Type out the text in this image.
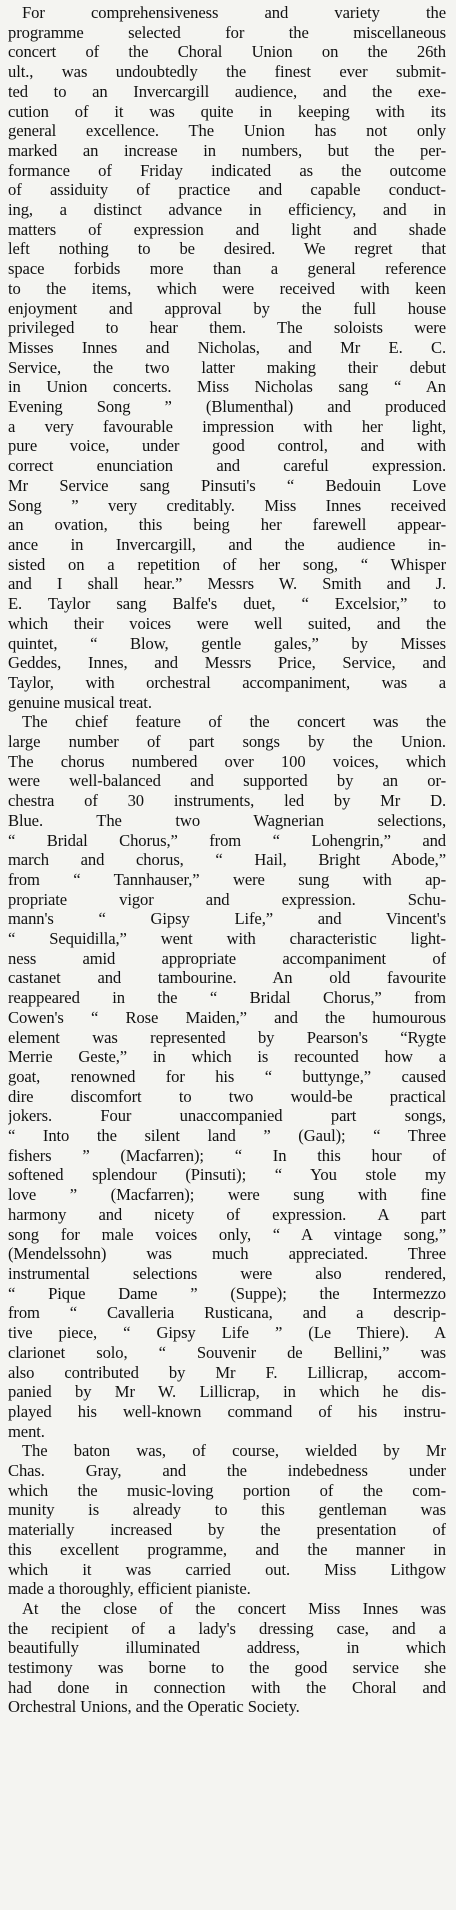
For comprehensiveness and variety the
programme selected for the miscellaneous
concert of the Choral Union on the 26th
ult., was undoubtedly the finest ever submit-
ted to an Invercargill audience, and the exe-
cution of it was quite in keeping with its
general excellence. The Union has not only
marked an increase in numbers, but the per-
formance of Friday indicated as the outcome
of assiduity of practice and capable conduct-
ing, a distinct advance in efficiency, and in
matters of expression and light and shade
left nothing to be desired. We regret that
space forbids more than a general reference
to the items, which were received with keen
enjoyment and approval by the full house
privileged to hear them. The soloists were
Misses Innes and Nicholas, and Mr E. C.
Service, the two latter making their debut
in Union concerts. Miss Nicholas sang “ An
Evening Song ” (Blumenthal) and produced
a very favourable impression with her light,
pure voice, under good control, and with
correct enunciation and careful expression.
Mr Service sang Pinsuti's “ Bedouin Love
Song ” very creditably. Miss Innes received
an ovation, this being her farewell appear-
ance in Invercargill, and the audience in-
sisted on a repetition of her song, “ Whisper
and I shall hear.” Messrs W. Smith and J.
E. Taylor sang Balfe's duet, “ Excelsior,” to
which their voices were well suited, and the
quintet, “ Blow, gentle gales,” by Misses
Geddes, Innes, and Messrs Price, Service, and
Taylor, with orchestral accompaniment, was a
genuine musical treat.

The chief feature of the concert was the
large number of part songs by the Union.
The chorus numbered over 100 voices, which
were well-balanced and supported by an or-
chestra of 30 instruments, led by Mr D.
Blue. The two Wagnerian selections,
“ Bridal Chorus,” from “ Lohengrin,” and
march and chorus, “ Hail, Bright Abode,”
from “ Tannhauser,” were sung with ap-
propriate vigor and expression. Schu-
mann's “ Gipsy Life,” and Vincent's
“ Sequidilla,” went with characteristic light-
ness amid appropriate accompaniment of
castanet and tambourine. An old favourite
reappeared in the “ Bridal Chorus,” from
Cowen's “ Rose Maiden,” and the humourous
element was represented by Pearson's “Rygte
Merrie Geste,” in which is recounted how a
goat, renowned for his “ buttynge,” caused
dire discomfort to two would-be practical
jokers. Four unaccompanied part songs,
“ Into the silent land ” (Gaul); “ Three
fishers ” (Macfarren); “ In this hour of
softened splendour (Pinsuti); “ You stole my
love ” (Macfarren); were sung with fine
harmony and nicety of expression. A part
song for male voices only, “ A vintage song,”
(Mendelssohn) was much appreciated. Three
instrumental selections were also rendered,
“ Pique Dame ” (Suppe); the Intermezzo
from “ Cavalleria Rusticana, and a descrip-
tive piece, “ Gipsy Life ” (Le Thiere). A
clarionet solo, “ Souvenir de Bellini,” was
also contributed by Mr F. Lillicrap, accom-
panied by Mr W. Lillicrap, in which he dis-
played his well-known command of his instru-
ment.

The baton was, of course, wielded by Mr
Chas. Gray, and the indebedness under
which the music-loving portion of the com-
munity is already to this gentleman was
materially increased by the presentation of
this excellent programme, and the manner in
which it was carried out. Miss Lithgow
made a thoroughly, efficient pianiste.

At the close of the concert Miss Innes was
the recipient of a lady's dressing case, and a
beautifully illuminated address, in which
testimony was borne to the good service she
had done in connection with the Choral and
Orchestral Unions, and the Operatic Society.
